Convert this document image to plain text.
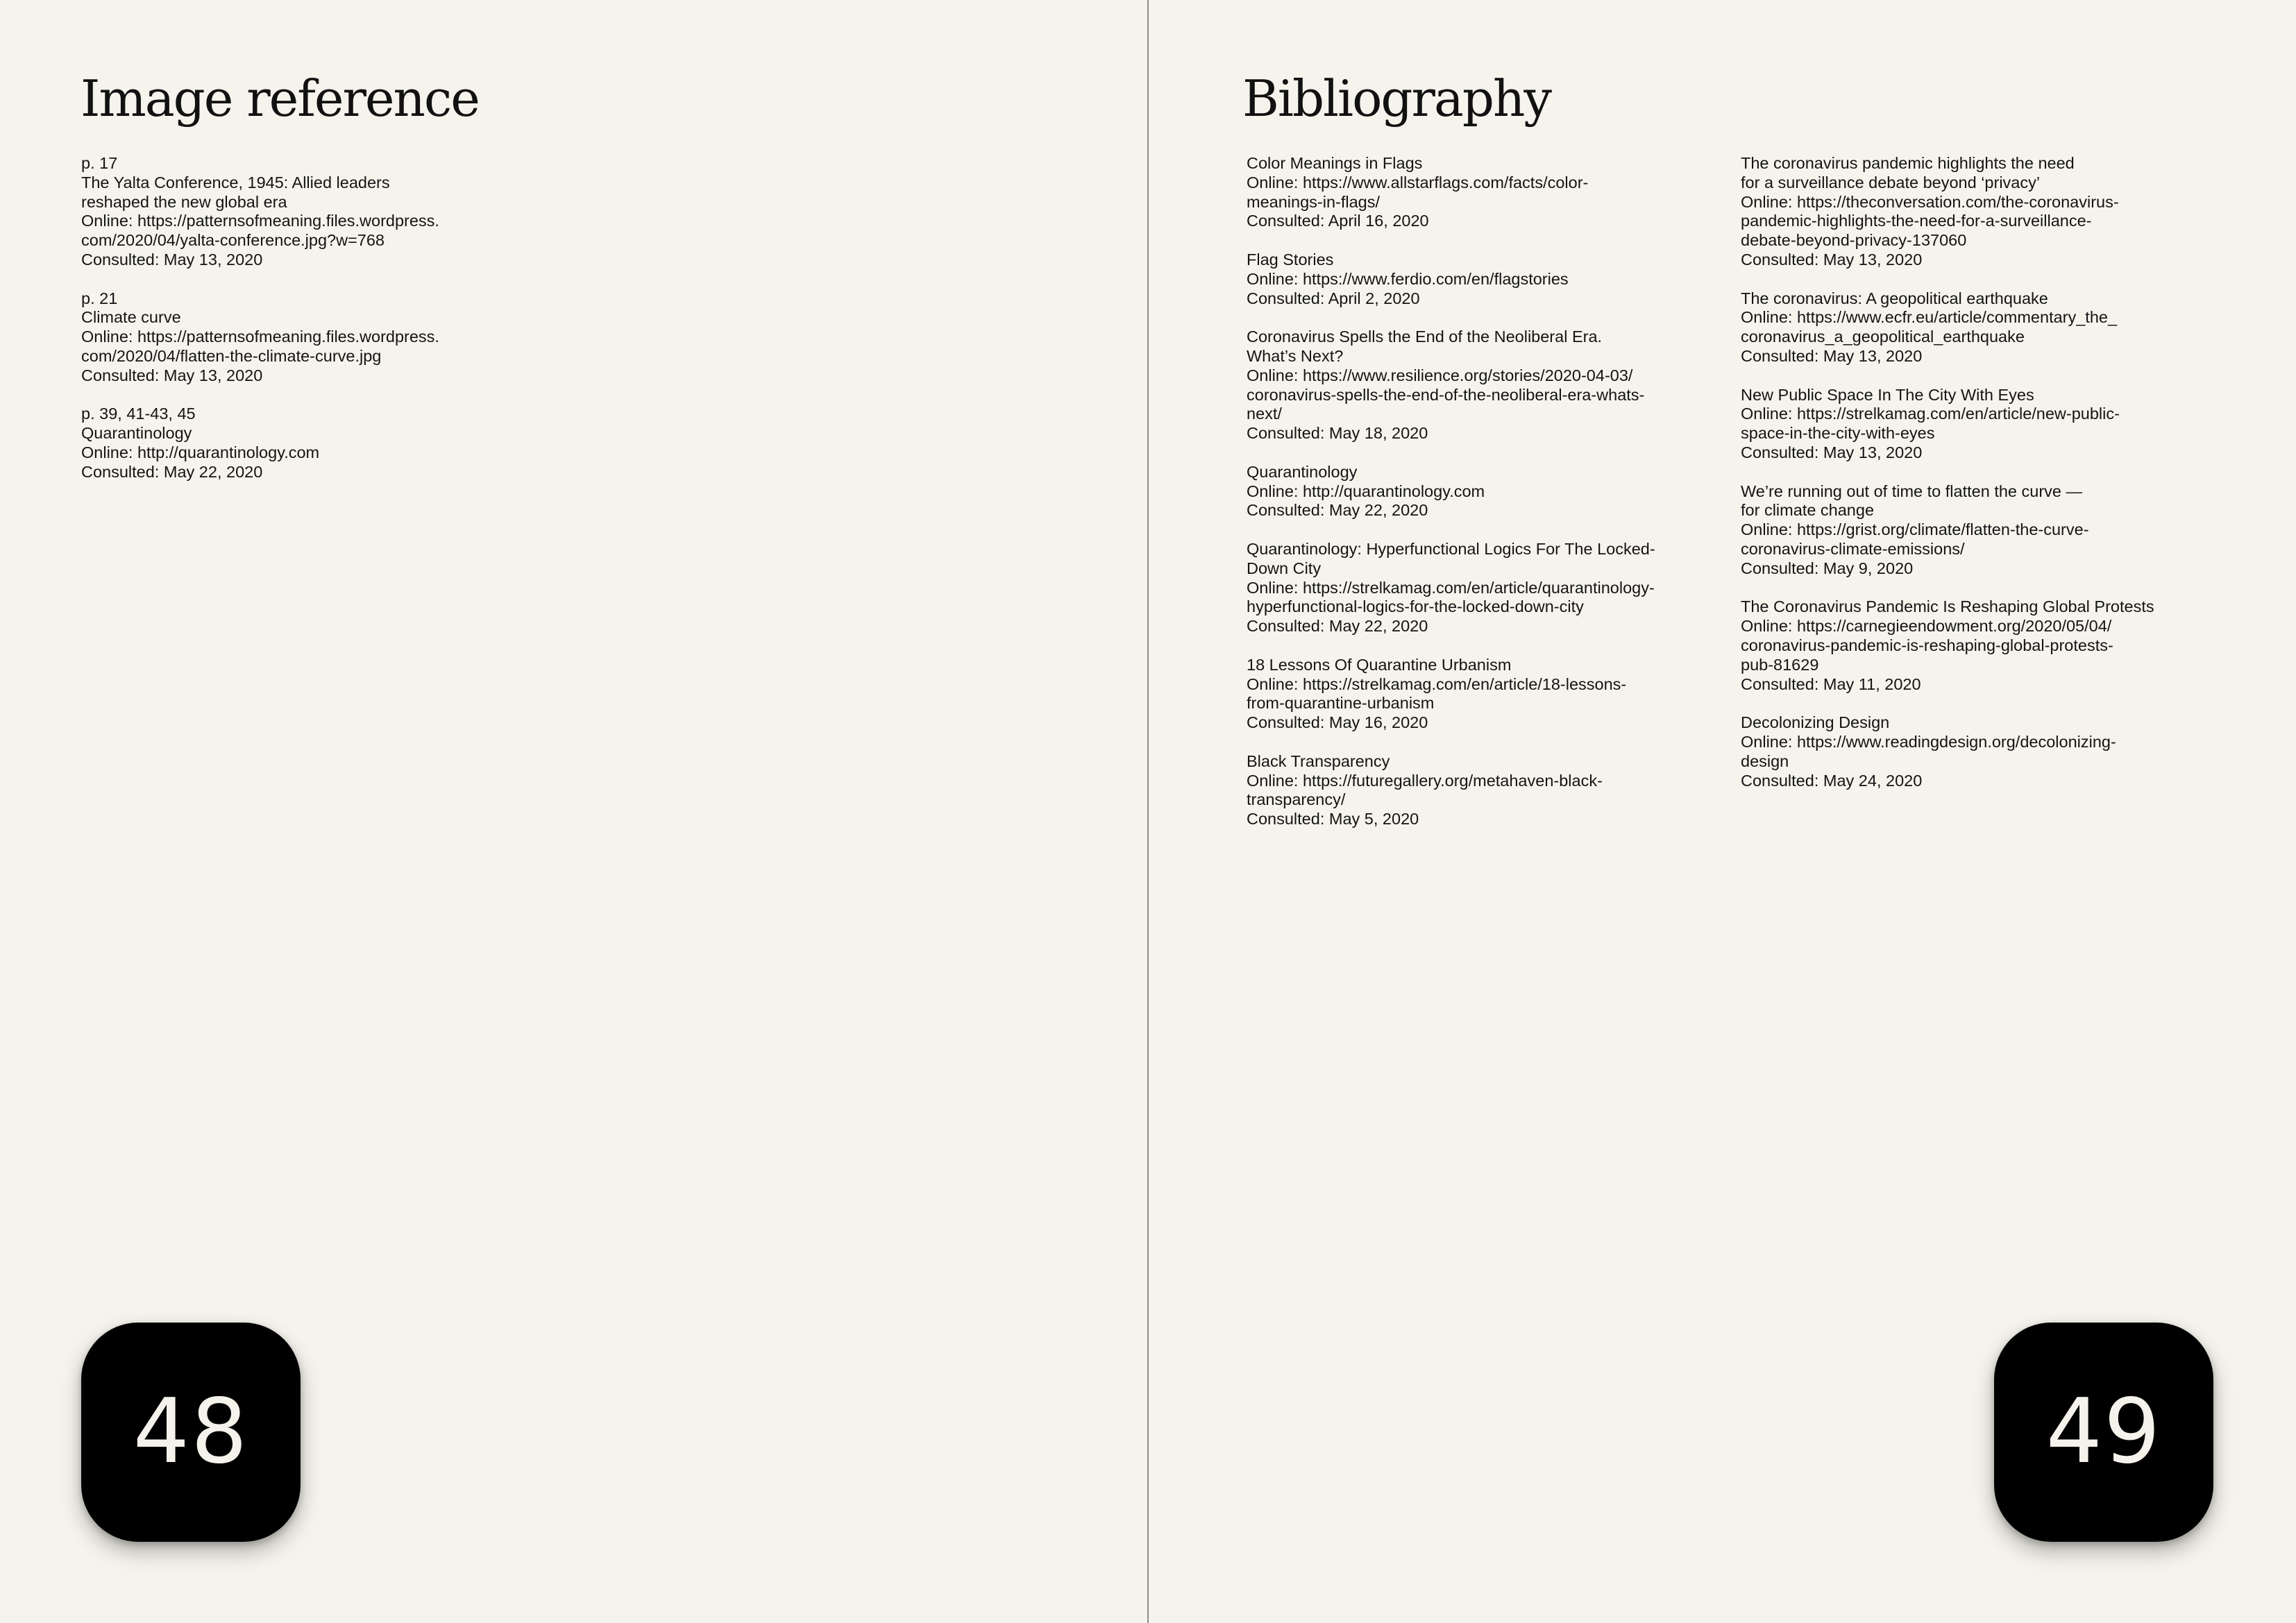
Image reference
p. 17
The Yalta Conference, 1945: Allied leaders
reshaped the new global era
Online: https://patternsofmeaning.files.wordpress.
com/2020/04/yalta-conference.jpg?w=768
Consulted: May 13, 2020
p. 21
Climate curve
Online: https://patternsofmeaning.files.wordpress.
com/2020/04/flatten-the-climate-curve.jpg
Consulted: May 13, 2020
p. 39, 41-43, 45
Quarantinology
Online: http://quarantinology.com
Consulted: May 22, 2020
48
Bibliography
Color Meanings in Flags
Online: https://www.allstarflags.com/facts/color-
meanings-in-flags/
Consulted: April 16, 2020
Flag Stories
Online: https://www.ferdio.com/en/flagstories
Consulted: April 2, 2020
Coronavirus Spells the End of the Neoliberal Era.
What’s Next?
Online: https://www.resilience.org/stories/2020-04-03/
coronavirus-spells-the-end-of-the-neoliberal-era-whats-
next/
Consulted: May 18, 2020
Quarantinology
Online: http://quarantinology.com
Consulted: May 22, 2020
Quarantinology: Hyperfunctional Logics For The Locked-
Down City
Online: https://strelkamag.com/en/article/quarantinology-
hyperfunctional-logics-for-the-locked-down-city
Consulted: May 22, 2020
18 Lessons Of Quarantine Urbanism
Online: https://strelkamag.com/en/article/18-lessons-
from-quarantine-urbanism
Consulted: May 16, 2020
Black Transparency
Online: https://futuregallery.org/metahaven-black-
transparency/
Consulted: May 5, 2020
The coronavirus pandemic highlights the need
for a surveillance debate beyond ‘privacy’
Online: https://theconversation.com/the-coronavirus-
pandemic-highlights-the-need-for-a-surveillance-
debate-beyond-privacy-137060
Consulted: May 13, 2020
The coronavirus: A geopolitical earthquake
Online: https://www.ecfr.eu/article/commentary_the_
coronavirus_a_geopolitical_earthquake
Consulted: May 13, 2020
New Public Space In The City With Eyes
Online: https://strelkamag.com/en/article/new-public-
space-in-the-city-with-eyes
Consulted: May 13, 2020
We’re running out of time to flatten the curve —
for climate change
Online: https://grist.org/climate/flatten-the-curve-
coronavirus-climate-emissions/
Consulted: May 9, 2020
The Coronavirus Pandemic Is Reshaping Global Protests
Online: https://carnegieendowment.org/2020/05/04/
coronavirus-pandemic-is-reshaping-global-protests-
pub-81629
Consulted: May 11, 2020
Decolonizing Design
Online: https://www.readingdesign.org/decolonizing-
design
Consulted: May 24, 2020
49
